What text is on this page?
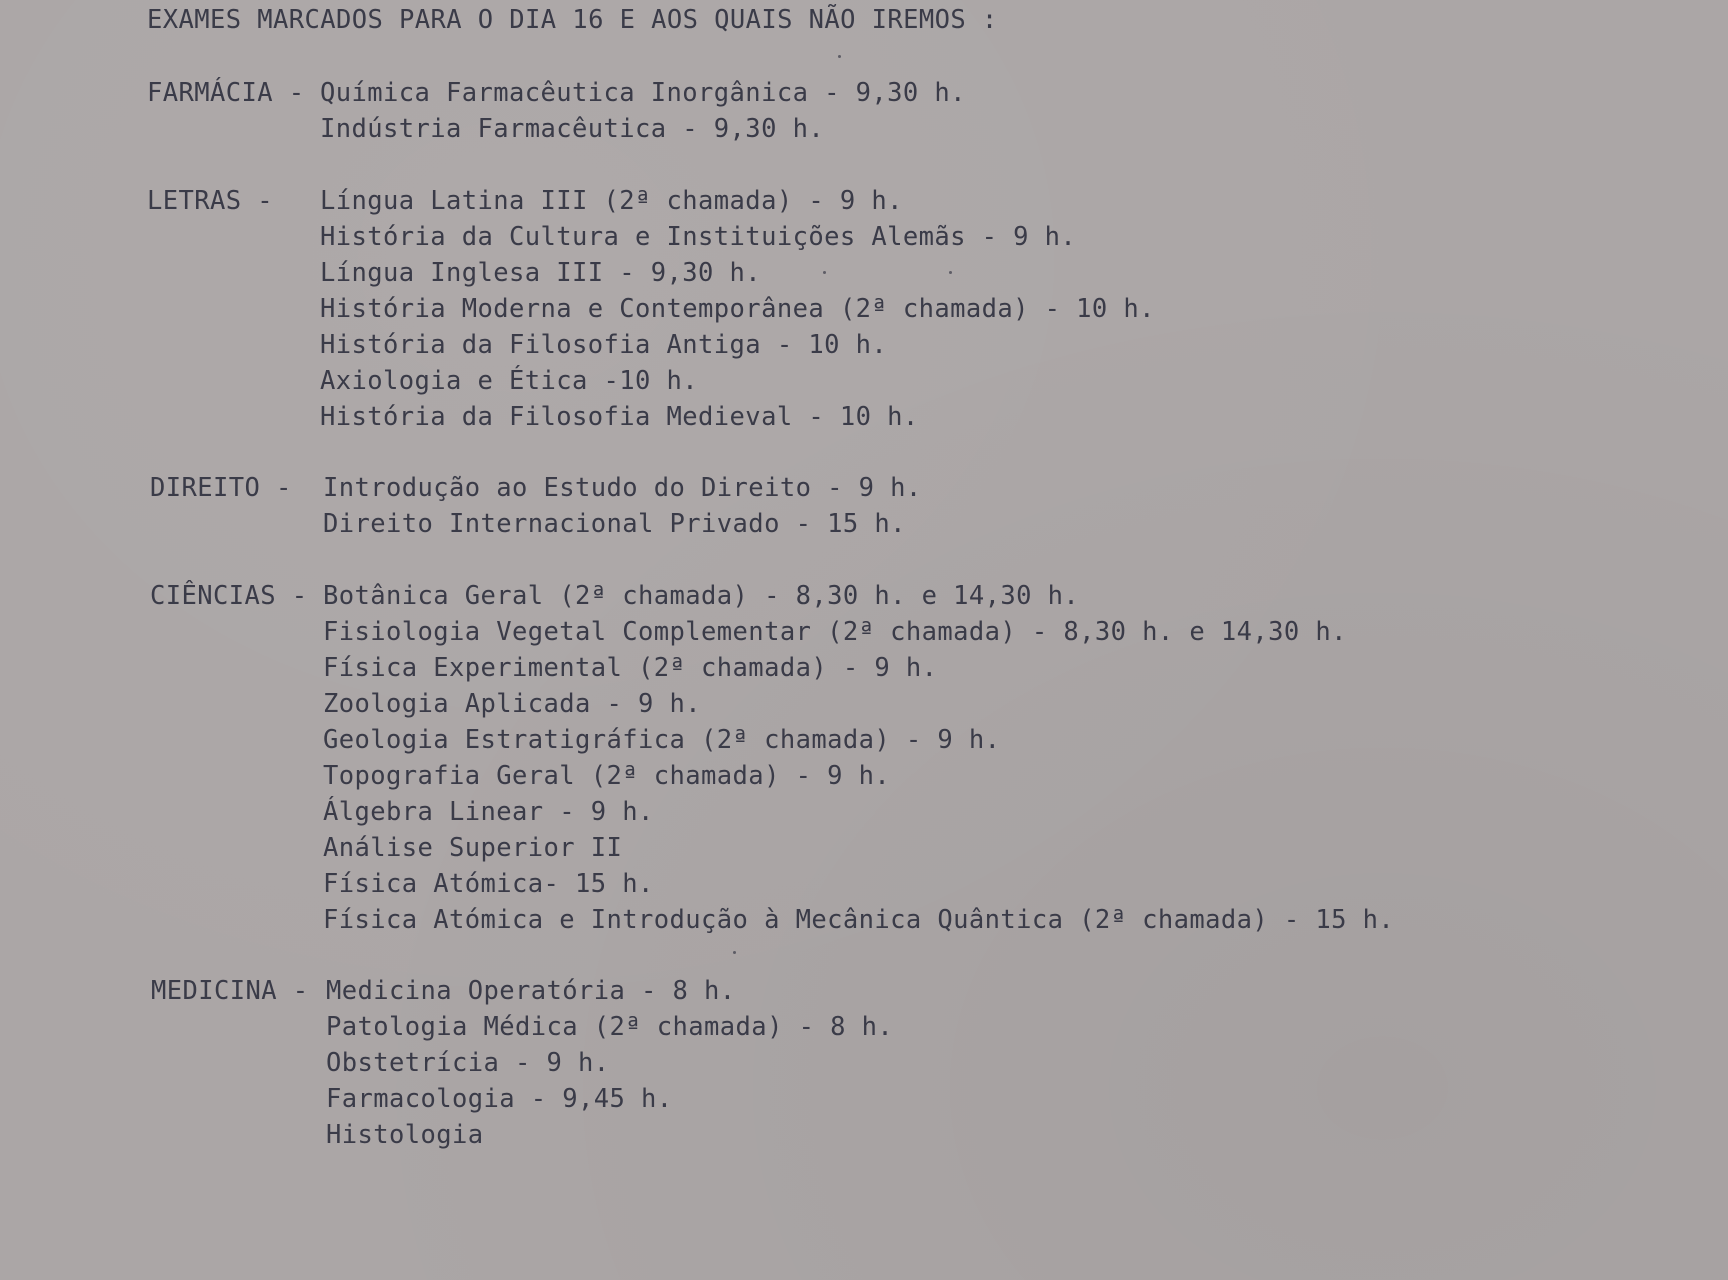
EXAMES MARCADOS PARA O DIA 16 E AOS QUAIS NÃO IREMOS :
FARMÁCIA - Química Farmacêutica Inorgânica - 9,30 h.
Indústria Farmacêutica - 9,30 h.
LETRAS - Língua Latina III (2ª chamada) - 9 h.
História da Cultura e Instituições Alemãs - 9 h.
Língua Inglesa III - 9,30 h.
História Moderna e Contemporânea (2ª chamada) - 10 h.
História da Filosofia Antiga - 10 h.
Axiologia e Ética -10 h.
História da Filosofia Medieval - 10 h.
DIREITO - Introdução ao Estudo do Direito - 9 h.
Direito Internacional Privado - 15 h.
CIÊNCIAS - Botânica Geral (2ª chamada) - 8,30 h. e 14,30 h.
Fisiologia Vegetal Complementar (2ª chamada) - 8,30 h. e 14,30 h.
Física Experimental (2ª chamada) - 9 h.
Zoologia Aplicada - 9 h.
Geologia Estratigráfica (2ª chamada) - 9 h.
Topografia Geral (2ª chamada) - 9 h.
Álgebra Linear - 9 h.
Análise Superior II
Física Atómica- 15 h.
Física Atómica e Introdução à Mecânica Quântica (2ª chamada) - 15 h.
MEDICINA - Medicina Operatória - 8 h.
Patologia Médica (2ª chamada) - 8 h.
Obstetrícia - 9 h.
Farmacologia - 9,45 h.
Histologia
